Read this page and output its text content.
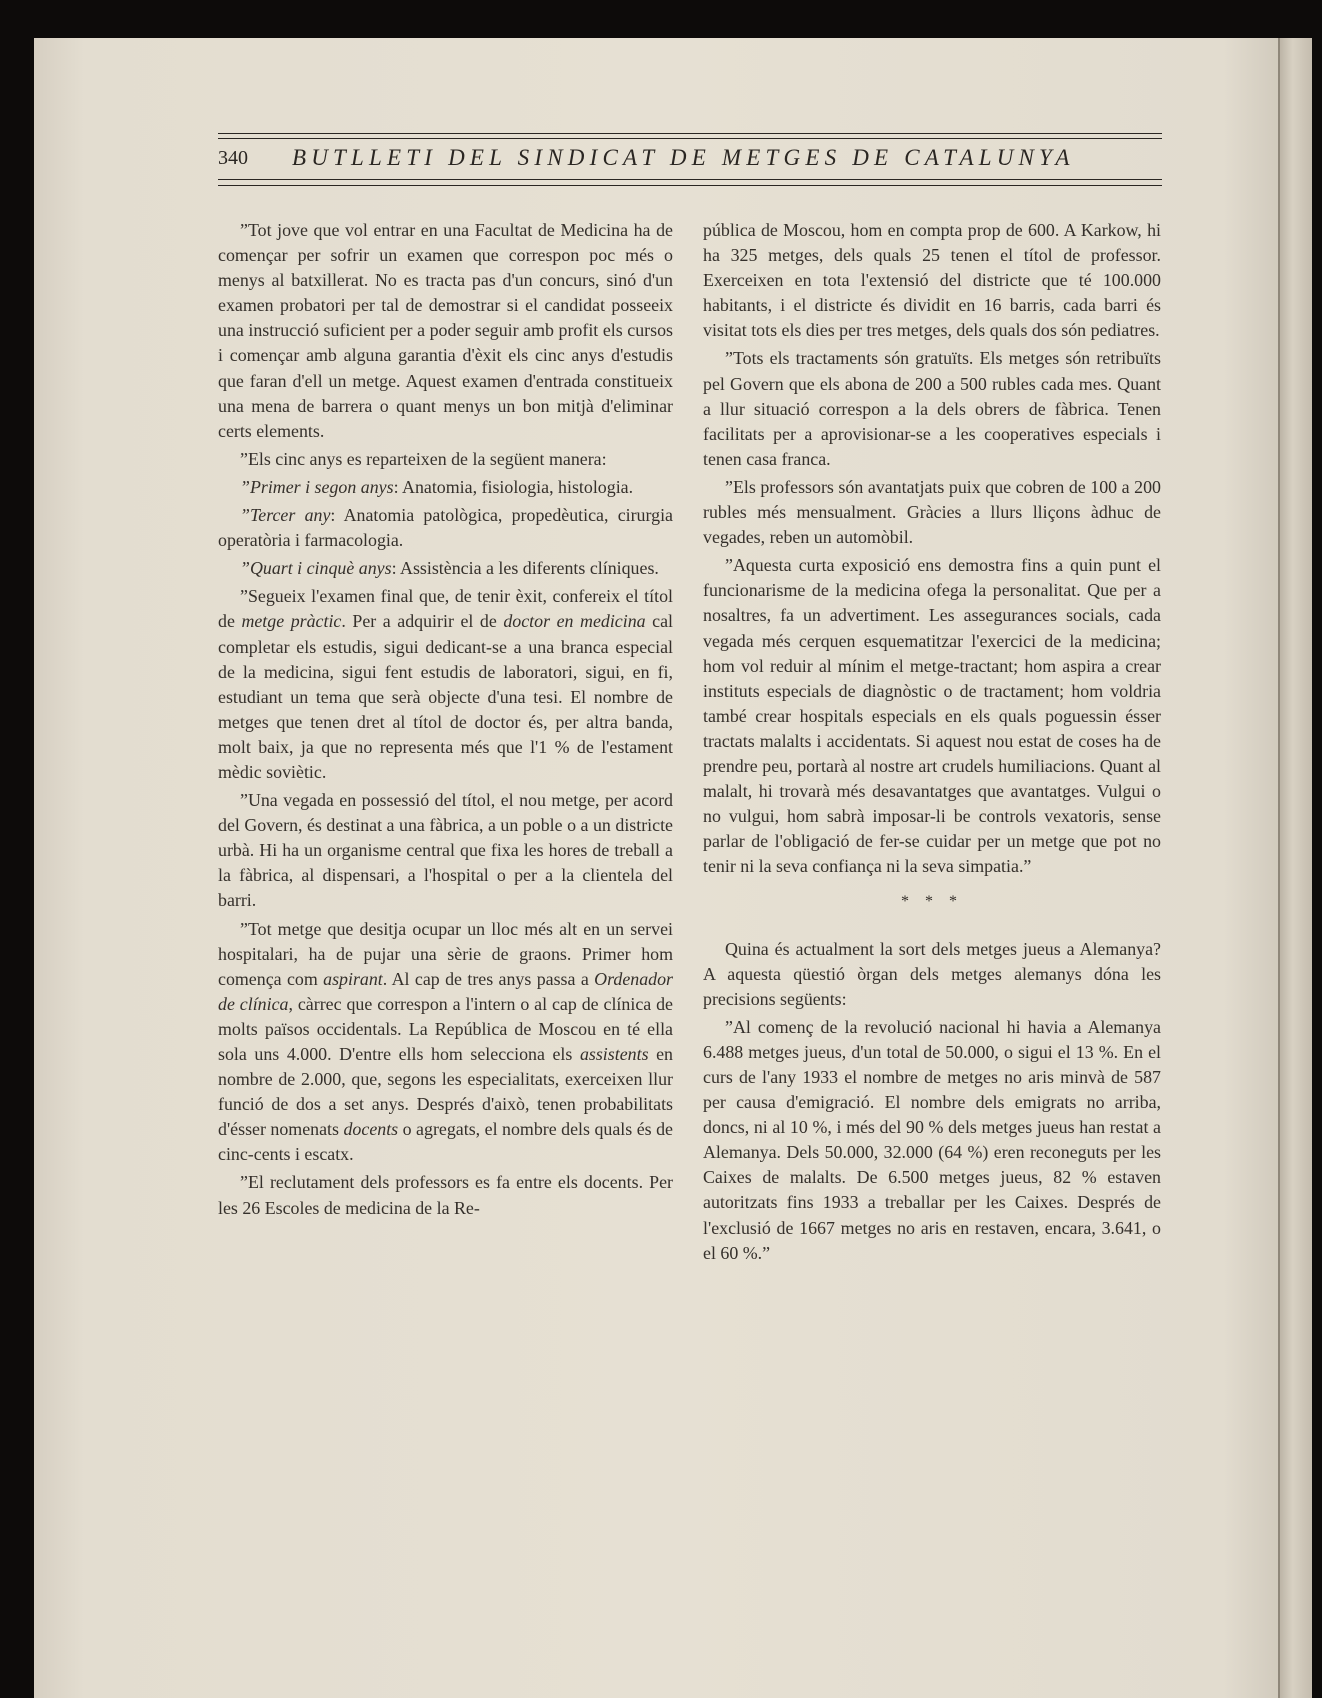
340 BUTLLETI DEL SINDICAT DE METGES DE CATALUNYA

”Tot jove que vol entrar en una Facultat de Medicina ha de començar per sofrir un examen que correspon poc més o menys al batxillerat. No es tracta pas d'un concurs, sinó d'un examen probatori per tal de demostrar si el candidat posseeix una instrucció suficient per a poder seguir amb profit els cursos i començar amb alguna garantia d'èxit els cinc anys d'estudis que faran d'ell un metge. Aquest examen d'entrada constitueix una mena de barrera o quant menys un bon mitjà d'eliminar certs elements.

”Els cinc anys es reparteixen de la següent manera:

”Primer i segon anys: Anatomia, fisiologia, histologia.

”Tercer any: Anatomia patològica, propedèutica, cirurgia operatòria i farmacologia.

”Quart i cinquè anys: Assistència a les diferents clíniques.

”Segueix l'examen final que, de tenir èxit, confereix el títol de metge pràctic. Per a adquirir el de doctor en medicina cal completar els estudis, sigui dedicant-se a una branca especial de la medicina, sigui fent estudis de laboratori, sigui, en fi, estudiant un tema que serà objecte d'una tesi. El nombre de metges que tenen dret al títol de doctor és, per altra banda, molt baix, ja que no representa més que l'1 % de l'estament mèdic soviètic.

”Una vegada en possessió del títol, el nou metge, per acord del Govern, és destinat a una fàbrica, a un poble o a un districte urbà. Hi ha un organisme central que fixa les hores de treball a la fàbrica, al dispensari, a l'hospital o per a la clientela del barri.

”Tot metge que desitja ocupar un lloc més alt en un servei hospitalari, ha de pujar una sèrie de graons. Primer hom comença com aspirant. Al cap de tres anys passa a Ordenador de clínica, càrrec que correspon a l'intern o al cap de clínica de molts països occidentals. La República de Moscou en té ella sola uns 4.000. D'entre ells hom selecciona els assistents en nombre de 2.000, que, segons les especialitats, exerceixen llur funció de dos a set anys. Després d'això, tenen probabilitats d'ésser nomenats docents o agregats, el nombre dels quals és de cinc-cents i escatx.

”El reclutament dels professors es fa entre els docents. Per les 26 Escoles de medicina de la Re-

pública de Moscou, hom en compta prop de 600. A Karkow, hi ha 325 metges, dels quals 25 tenen el títol de professor. Exerceixen en tota l'extensió del districte que té 100.000 habitants, i el districte és dividit en 16 barris, cada barri és visitat tots els dies per tres metges, dels quals dos són pediatres.

”Tots els tractaments són gratuïts. Els metges són retribuïts pel Govern que els abona de 200 a 500 rubles cada mes. Quant a llur situació correspon a la dels obrers de fàbrica. Tenen facilitats per a aprovisionar-se a les cooperatives especials i tenen casa franca.

”Els professors són avantatjats puix que cobren de 100 a 200 rubles més mensualment. Gràcies a llurs lliçons àdhuc de vegades, reben un automòbil.

”Aquesta curta exposició ens demostra fins a quin punt el funcionarisme de la medicina ofega la personalitat. Que per a nosaltres, fa un advertiment. Les assegurances socials, cada vegada més cerquen esquematitzar l'exercici de la medicina; hom vol reduir al mínim el metge-tractant; hom aspira a crear instituts especials de diagnòstic o de tractament; hom voldria també crear hospitals especials en els quals poguessin ésser tractats malalts i accidentats. Si aquest nou estat de coses ha de prendre peu, portarà al nostre art crudels humiliacions. Quant al malalt, hi trovarà més desavantatges que avantatges. Vulgui o no vulgui, hom sabrà imposar-li be controls vexatoris, sense parlar de l'obligació de fer-se cuidar per un metge que pot no tenir ni la seva confiança ni la seva simpatia.”

* * *

Quina és actualment la sort dels metges jueus a Alemanya? A aquesta qüestió òrgan dels metges alemanys dóna les precisions següents:

”Al començ de la revolució nacional hi havia a Alemanya 6.488 metges jueus, d'un total de 50.000, o sigui el 13 %. En el curs de l'any 1933 el nombre de metges no aris minvà de 587 per causa d'emigració. El nombre dels emigrats no arriba, doncs, ni al 10 %, i més del 90 % dels metges jueus han restat a Alemanya. Dels 50.000, 32.000 (64 %) eren reconeguts per les Caixes de malalts. De 6.500 metges jueus, 82 % estaven autoritzats fins 1933 a treballar per les Caixes. Després de l'exclusió de 1667 metges no aris en restaven, encara, 3.641, o el 60 %.”
